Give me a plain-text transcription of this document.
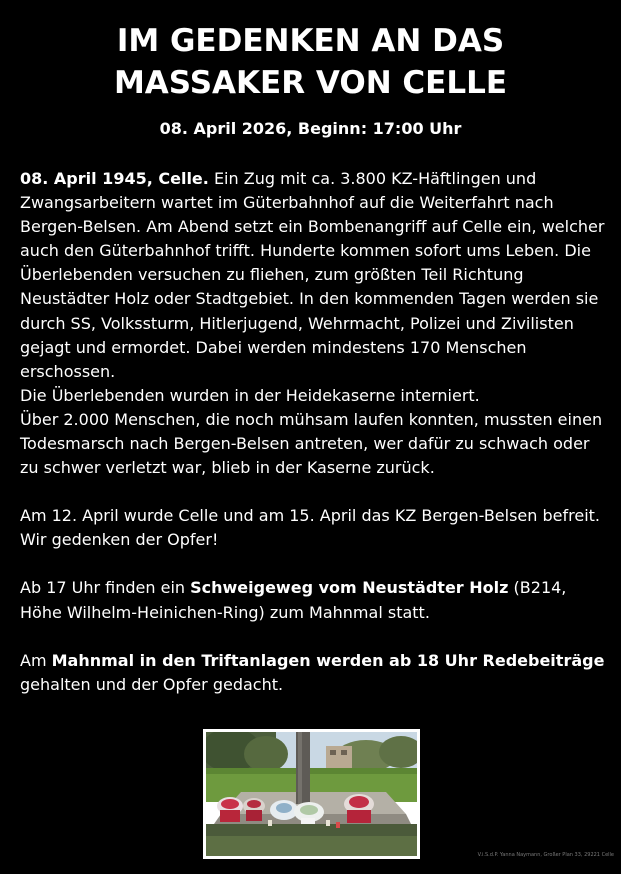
IM GEDENKEN AN DAS
MASSAKER VON CELLE
08. April 2026, Beginn: 17:00 Uhr

08. April 1945, Celle. Ein Zug mit ca. 3.800 KZ-Häftlingen und Zwangsarbeitern wartet im Güterbahnhof auf die Weiterfahrt nach Bergen-Belsen. Am Abend setzt ein Bombenangriff auf Celle ein, welcher auch den Güterbahnhof trifft. Hunderte kommen sofort ums Leben. Die Überlebenden versuchen zu fliehen, zum größten Teil Richtung Neustädter Holz oder Stadtgebiet. In den kommenden Tagen werden sie durch SS, Volkssturm, Hitlerjugend, Wehrmacht, Polizei und Zivilisten gejagt und ermordet. Dabei werden mindestens 170 Menschen erschossen.

Die Überlebenden wurden in der Heidekaserne interniert.

Über 2.000 Menschen, die noch mühsam laufen konnten, mussten einen Todesmarsch nach Bergen-Belsen antreten, wer dafür zu schwach oder zu schwer verletzt war, blieb in der Kaserne zurück.

Am 12. April wurde Celle und am 15. April das KZ Bergen-Belsen befreit. Wir gedenken der Opfer!

Ab 17 Uhr finden ein Schweigeweg vom Neustädter Holz (B214, Höhe Wilhelm-Heinichen-Ring) zum Mahnmal statt.

Am Mahnmal in den Triftanlagen werden ab 18 Uhr Redebeiträge gehalten und der Opfer gedacht.

V.i.S.d.P. Yanna Naymann, Großer Plan 33, 29221 Celle
